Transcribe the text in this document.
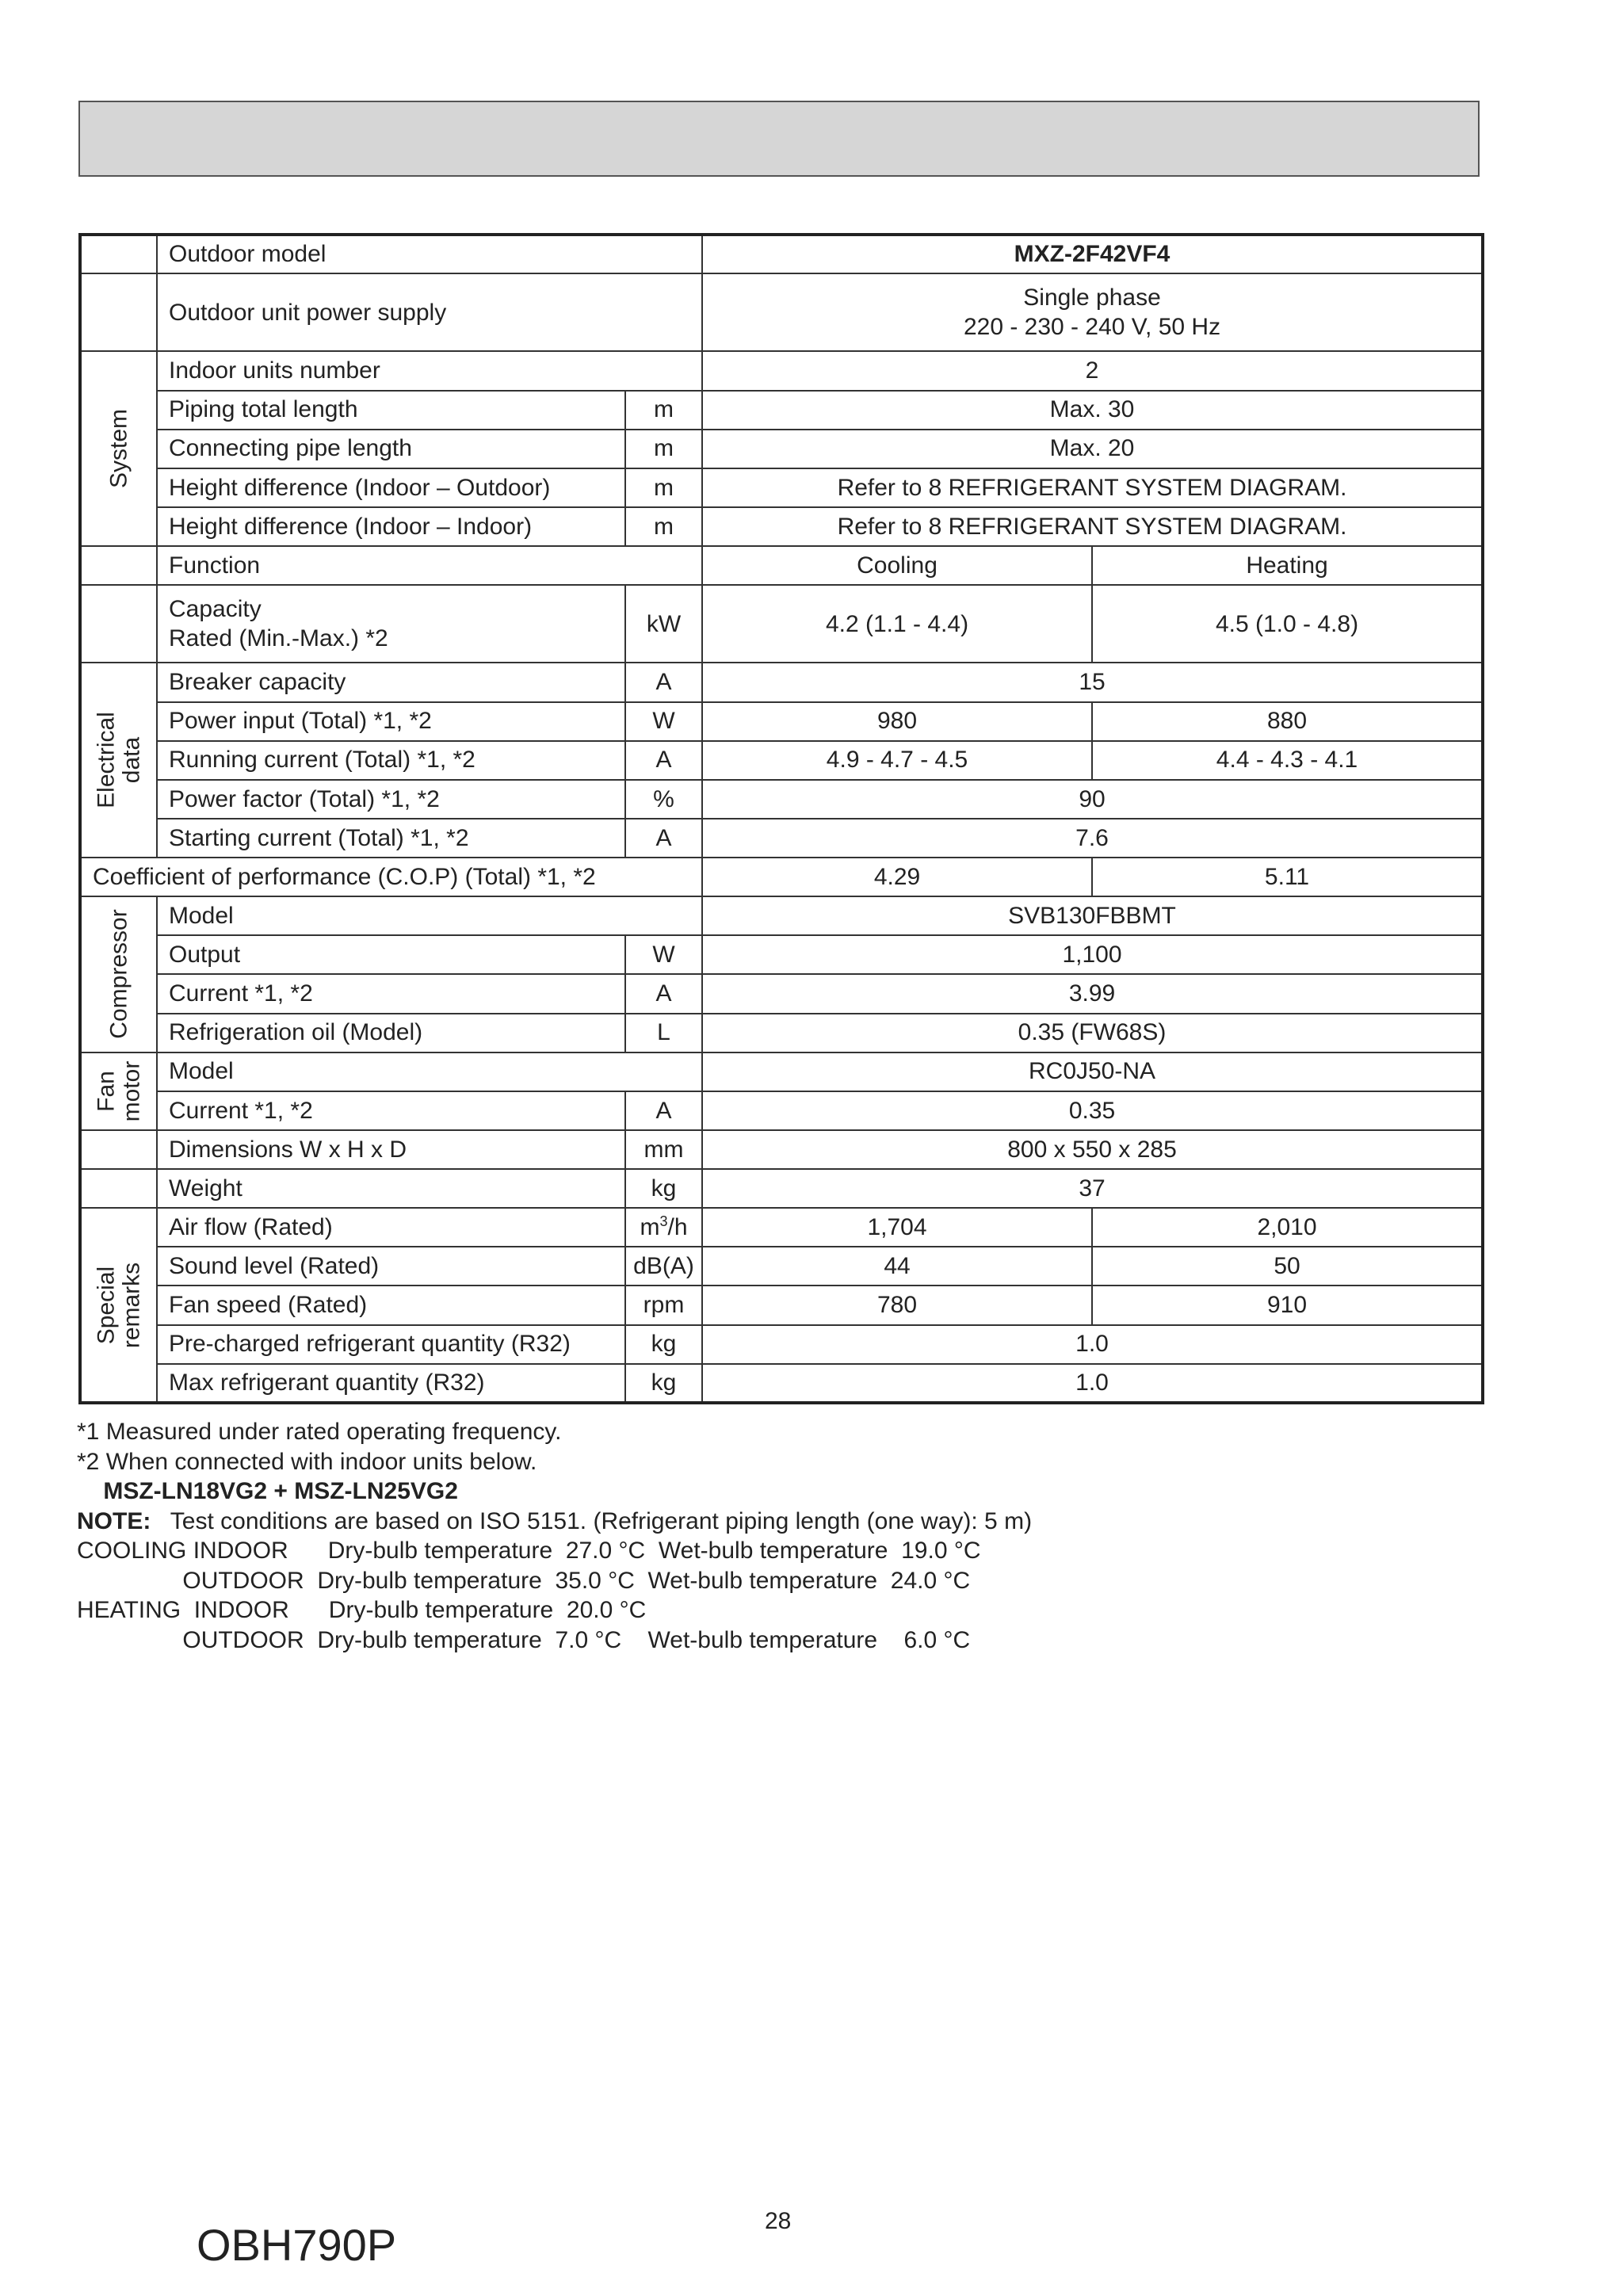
	Outdoor model		MXZ-2F42VF4	
	Outdoor unit power supply		Single phase
220 - 230 - 240 V, 50 Hz	

System	Indoor units number		2	
	Piping total length	m	Max. 30	
	Connecting pipe length	m	Max. 20	
	Height difference (Indoor – Outdoor)	m	Refer to 8 REFRIGERANT SYSTEM DIAGRAM.	
	Height difference (Indoor – Indoor)	m	Refer to 8 REFRIGERANT SYSTEM DIAGRAM.	
	Function		Cooling	Heating

	Capacity
Rated (Min.-Max.) *2	kW	4.2 (1.1 - 4.4)	4.5 (1.0 - 4.8)

Electrical
data	Breaker capacity	A	15	
	Power input (Total) *1, *2	W	980	880
	Running current (Total) *1, *2	A	4.9 - 4.7 - 4.5	4.4 - 4.3 - 4.1
	Power factor (Total) *1, *2	%	90	
	Starting current (Total) *1, *2	A	7.6	
Coefficient of performance (C.O.P) (Total) *1, *2			4.29	5.11

Compressor	Model		SVB130FBBMT	
	Output	W	1,100	
	Current *1, *2	A	3.99	
	Refrigeration oil (Model)	L	0.35 (FW68S)	

Fan
motor	Model		RC0J50-NA	
	Current *1, *2	A	0.35	
	Dimensions W x H x D	mm	800 x 550 x 285	
	Weight	kg	37	

Special
remarks	Air flow (Rated)	$m^3/h$	1,704	2,010
	Sound level (Rated)	dB(A)	44	50
	Fan speed (Rated)	rpm	780	910
	Pre-charged refrigerant quantity (R32)	kg	1.0	
	Max refrigerant quantity (R32)	kg	1.0	
*1 Measured under rated operating frequency.
*2 When connected with indoor units below.
MSZ-LN18VG2 + MSZ-LN25VG2
NOTE:   Test conditions are based on ISO 5151. (Refrigerant piping length (one way): 5 m)
COOLING INDOOR      Dry-bulb temperature  27.0 °C  Wet-bulb temperature  19.0 °C
OUTDOOR  Dry-bulb temperature  35.0 °C  Wet-bulb temperature  24.0 °C
HEATING  INDOOR      Dry-bulb temperature  20.0 °C
OUTDOOR  Dry-bulb temperature  7.0 °C    Wet-bulb temperature    6.0 °C
28
OBH790P
